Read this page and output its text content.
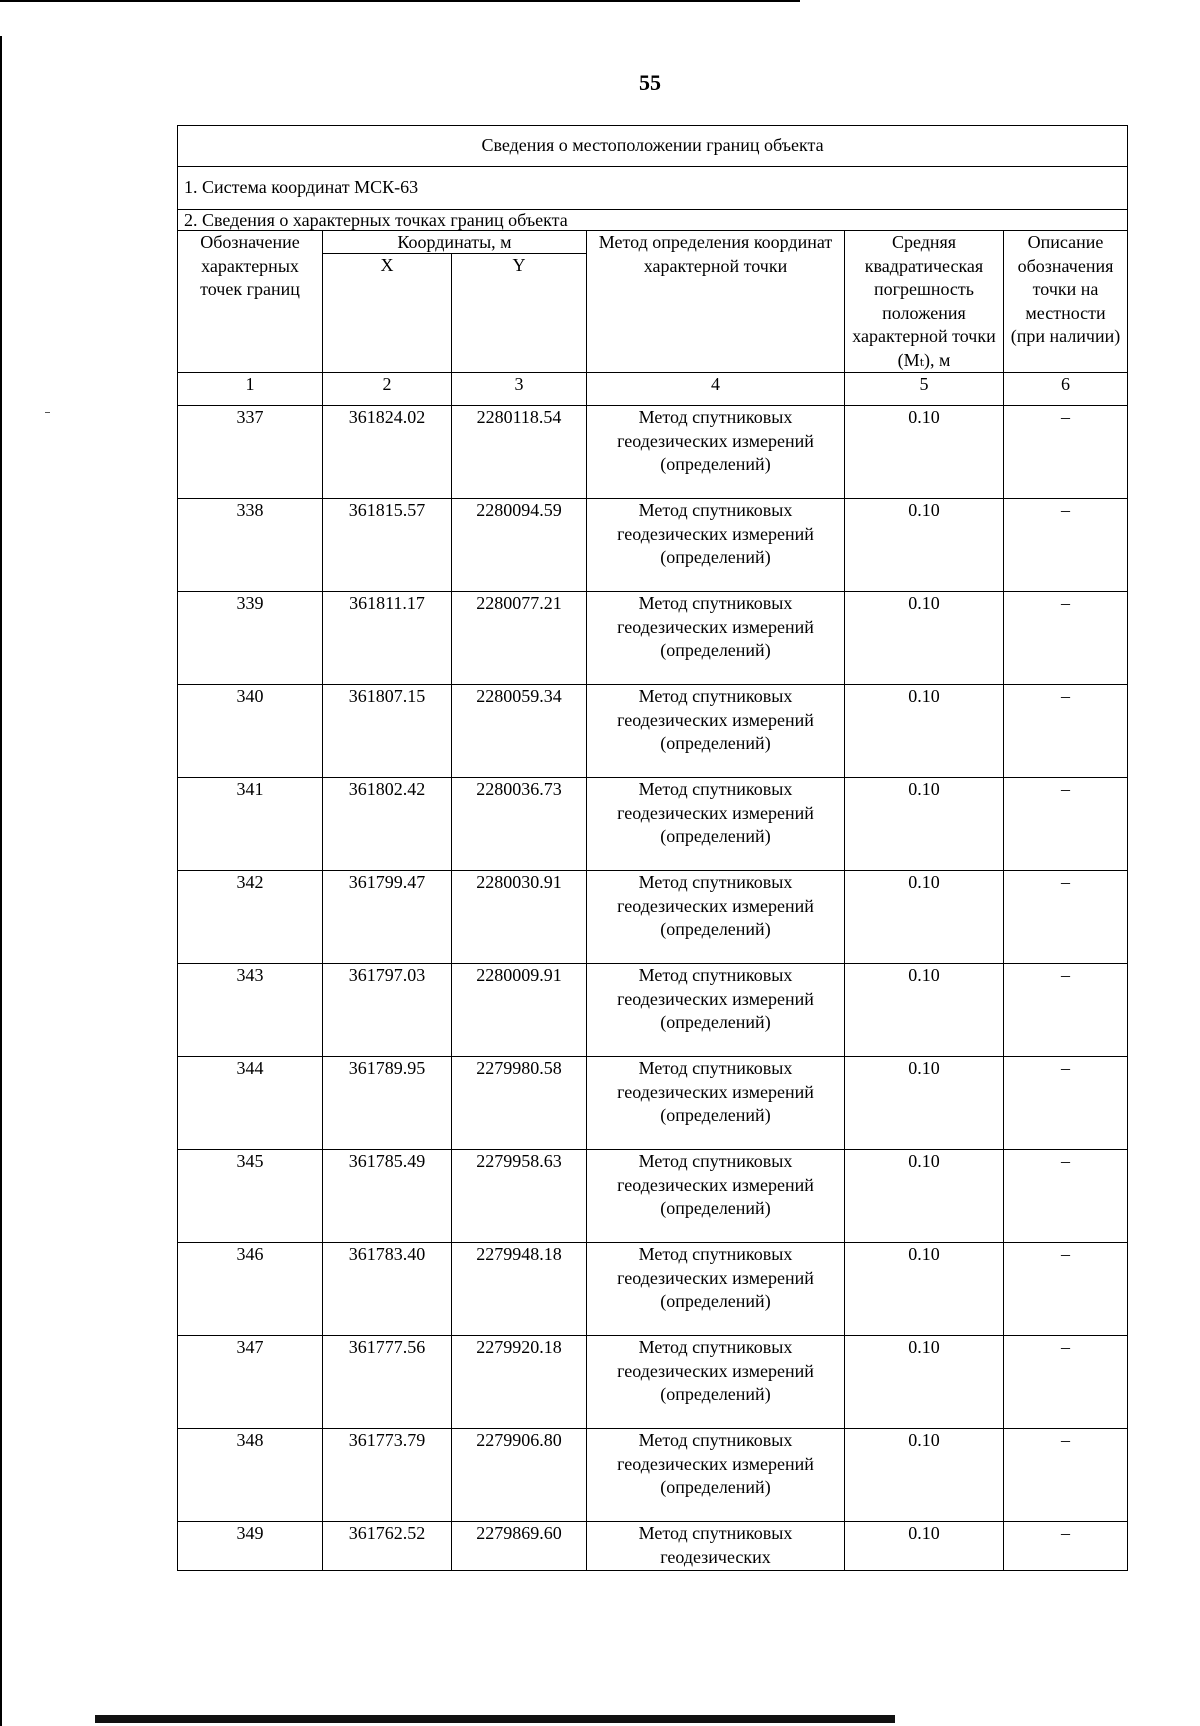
55
Сведения о местоположении границ объекта					
1. Система координат МСК-63					
2. Сведения о характерных точках границ объекта					
Обозначение характерных точек границ	Координаты, м		Метод определения координат характерной точки	Средняя квадратическая погрешность положения характерной точки (Mₜ), м	Описание обозначения точки на местности (при наличии)
	X	Y			
1	2	3	4	5	6
337	361824.02	2280118.54	Метод спутниковых геодезических измерений (определений)	0.10	–
338	361815.57	2280094.59	Метод спутниковых геодезических измерений (определений)	0.10	–
339	361811.17	2280077.21	Метод спутниковых геодезических измерений (определений)	0.10	–
340	361807.15	2280059.34	Метод спутниковых геодезических измерений (определений)	0.10	–
341	361802.42	2280036.73	Метод спутниковых геодезических измерений (определений)	0.10	–
342	361799.47	2280030.91	Метод спутниковых геодезических измерений (определений)	0.10	–
343	361797.03	2280009.91	Метод спутниковых геодезических измерений (определений)	0.10	–
344	361789.95	2279980.58	Метод спутниковых геодезических измерений (определений)	0.10	–
345	361785.49	2279958.63	Метод спутниковых геодезических измерений (определений)	0.10	–
346	361783.40	2279948.18	Метод спутниковых геодезических измерений (определений)	0.10	–
347	361777.56	2279920.18	Метод спутниковых геодезических измерений (определений)	0.10	–
348	361773.79	2279906.80	Метод спутниковых геодезических измерений (определений)	0.10	–
349	361762.52	2279869.60	Метод спутниковых геодезических	0.10	–
